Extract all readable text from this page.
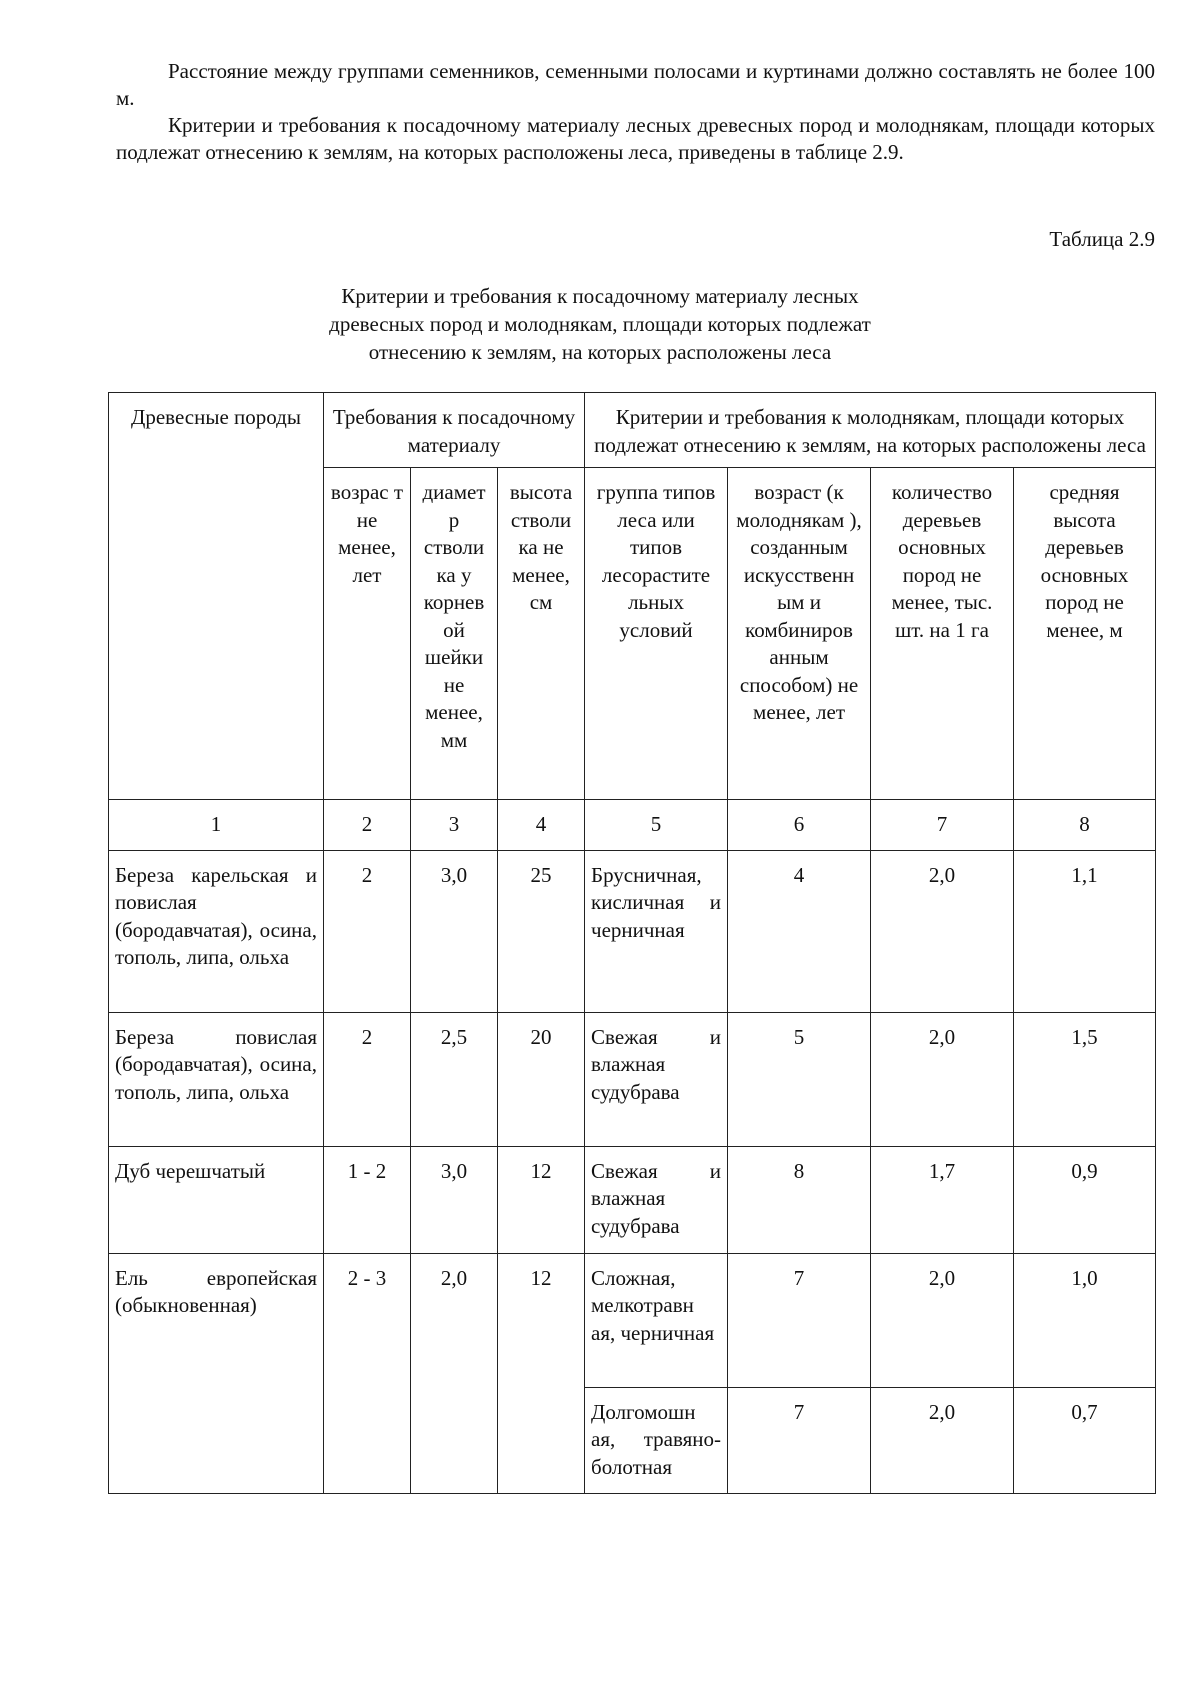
Расстояние между группами семенников, семенными полосами и куртинами должно составлять не более 100 м.

Критерии и требования к посадочному материалу лесных древесных пород и молоднякам, площади которых подлежат отнесению к землям, на которых расположены леса, приведены в таблице 2.9.

Таблица 2.9
Критерии и требования к посадочному материалу лесных
древесных пород и молоднякам, площади которых подлежат
отнесению к землям, на которых расположены леса
Древесные породы	Требования к посадочному материалу			Критерии и требования к молоднякам, площади которых подлежат отнесению к землям, на которых расположены леса			
	возрас т не менее, лет	диамет р стволи ка у корнев ой шейки не менее, мм	высота стволи ка не менее, см	группа типов леса или типов лесорастите льных условий	возраст (к молоднякам ), созданным искусственн ым и комбиниров анным способом) не менее, лет	количество деревьев основных пород не менее, тыс. шт. на 1 га	средняя высота деревьев основных пород не менее, м
1	2	3	4	5	6	7	8
Береза карельская и повислая (бородавчатая), осина, тополь, липа, ольха	2	3,0	25	Брусничная, кисличная и черничная	4	2,0	1,1
Береза повислая (бородавчатая), осина, тополь, липа, ольха	2	2,5	20	Свежая и влажная судубрава	5	2,0	1,5
Дуб черешчатый	1 - 2	3,0	12	Свежая и влажная судубрава	8	1,7	0,9
Ель европейская (обыкновенная)	2 - 3	2,0	12	Сложная, мелкотравн ая, черничная	7	2,0	1,0
				Долгомошн ая, травяно-болотная	7	2,0	0,7
